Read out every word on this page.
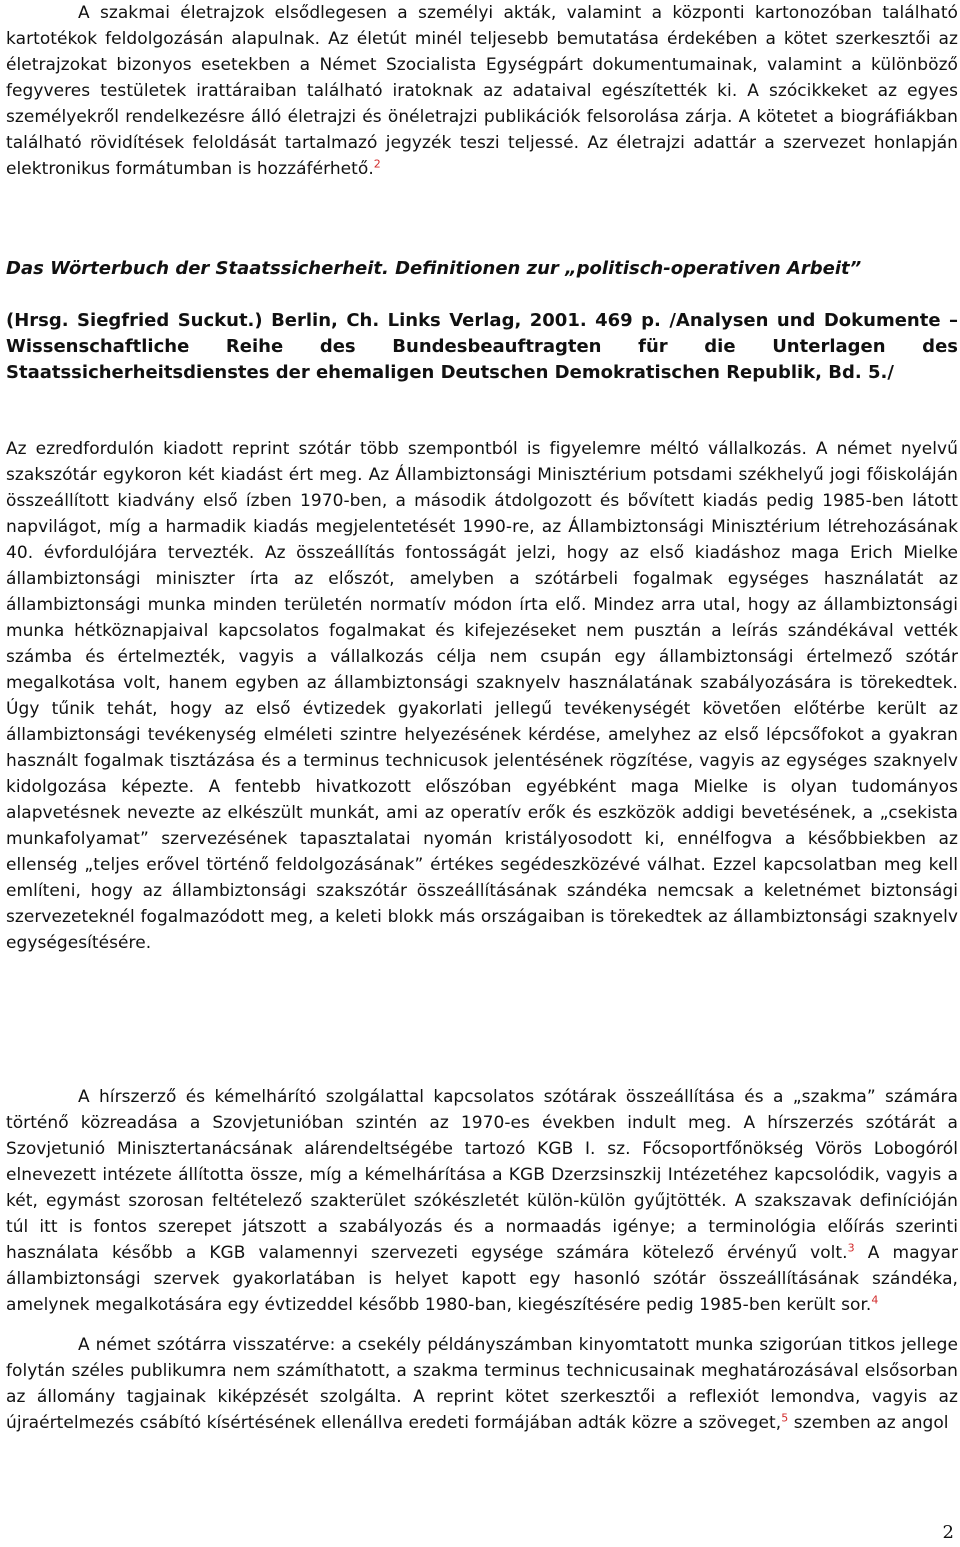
A szakmai életrajzok elsődlegesen a személyi akták, valamint a központi kartonozóban található kartotékok feldolgozásán alapulnak. Az életút minél teljesebb bemutatása érdekében a kötet szerkesztői az életrajzokat bizonyos esetekben a Német Szocialista Egységpárt dokumentumainak, valamint a különböző fegyveres testületek irattáraiban található iratoknak az adataival egészítették ki. A szócikkeket az egyes személyekről rendelkezésre álló életrajzi és önéletrajzi publikációk felsorolása zárja. A kötetet a biográfiákban található rövidítések feloldását tartalmazó jegyzék teszi teljessé. Az életrajzi adattár a szervezet honlapján elektronikus formátumban is hozzáférhető.$^2$

Das Wörterbuch der Staatssicherheit. Definitionen zur „politisch-operativen Arbeit”

(Hrsg. Siegfried Suckut.) Berlin, Ch. Links Verlag, 2001. 469 p. /Analysen und Dokumente – Wissenschaftliche Reihe des Bundesbeauftragten für die Unterlagen des Staatssicherheitsdienstes der ehemaligen Deutschen Demokratischen Republik, Bd. 5./

Az ezredfordulón kiadott reprint szótár több szempontból is figyelemre méltó vállalkozás. A német nyelvű szakszótár egykoron két kiadást ért meg. Az Állambiztonsági Minisztérium potsdami székhelyű jogi főiskoláján összeállított kiadvány első ízben 1970-ben, a második átdolgozott és bővített kiadás pedig 1985-ben látott napvilágot, míg a harmadik kiadás megjelentetését 1990-re, az Állambiztonsági Minisztérium létrehozásának 40. évfordulójára tervezték. Az összeállítás fontosságát jelzi, hogy az első kiadáshoz maga Erich Mielke állambiztonsági miniszter írta az előszót, amelyben a szótárbeli fogalmak egységes használatát az állambiztonsági munka minden területén normatív módon írta elő. Mindez arra utal, hogy az állambiztonsági munka hétköznapjaival kapcsolatos fogalmakat és kifejezéseket nem pusztán a leírás szándékával vették számba és értelmezték, vagyis a vállalkozás célja nem csupán egy állambiztonsági értelmező szótár megalkotása volt, hanem egyben az állambiztonsági szaknyelv használatának szabályozására is törekedtek. Úgy tűnik tehát, hogy az első évtizedek gyakorlati jellegű tevékenységét követően előtérbe került az állambiztonsági tevékenység elméleti szintre helyezésének kérdése, amelyhez az első lépcsőfokot a gyakran használt fogalmak tisztázása és a terminus technicusok jelentésének rögzítése, vagyis az egységes szaknyelv kidolgozása képezte. A fentebb hivatkozott előszóban egyébként maga Mielke is olyan tudományos alapvetésnek nevezte az elkészült munkát, ami az operatív erők és eszközök addigi bevetésének, a „csekista munkafolyamat” szervezésének tapasztalatai nyomán kristályosodott ki, ennélfogva a későbbiekben az ellenség „teljes erővel történő feldolgozásának” értékes segédeszközévé válhat. Ezzel kapcsolatban meg kell említeni, hogy az állambiztonsági szakszótár összeállításának szándéka nemcsak a keletnémet biztonsági szervezeteknél fogalmazódott meg, a keleti blokk más országaiban is törekedtek az állambiztonsági szaknyelv egységesítésére.

A hírszerző és kémelhárító szolgálattal kapcsolatos szótárak összeállítása és a „szakma” számára történő közreadása a Szovjetunióban szintén az 1970-es években indult meg. A hírszerzés szótárát a Szovjetunió Minisztertanácsának alárendeltségébe tartozó KGB I. sz. Főcsoportfőnökség Vörös Lobogóról elnevezett intézete állította össze, míg a kémelhárítása a KGB Dzerzsinszkij Intézetéhez kapcsolódik, vagyis a két, egymást szorosan feltételező szakterület szókészletét külön-külön gyűjtötték. A szakszavak definícióján túl itt is fontos szerepet játszott a szabályozás és a normaadás igénye; a terminológia előírás szerinti használata később a KGB valamennyi szervezeti egysége számára kötelező érvényű volt.$^3$ A magyar állambiztonsági szervek gyakorlatában is helyet kapott egy hasonló szótár összeállításának szándéka, amelynek megalkotására egy évtizeddel később 1980-ban, kiegészítésére pedig 1985-ben került sor.$^4$

A német szótárra visszatérve: a csekély példányszámban kinyomtatott munka szigorúan titkos jellege folytán széles publikumra nem számíthatott, a szakma terminus technicusainak meghatározásával elsősorban az állomány tagjainak kiképzését szolgálta. A reprint kötet szerkesztői a reflexiót lemondva, vagyis az újraértelmezés csábító kísértésének ellenállva eredeti formájában adták közre a szöveget,$^5$ szemben az angol

2
